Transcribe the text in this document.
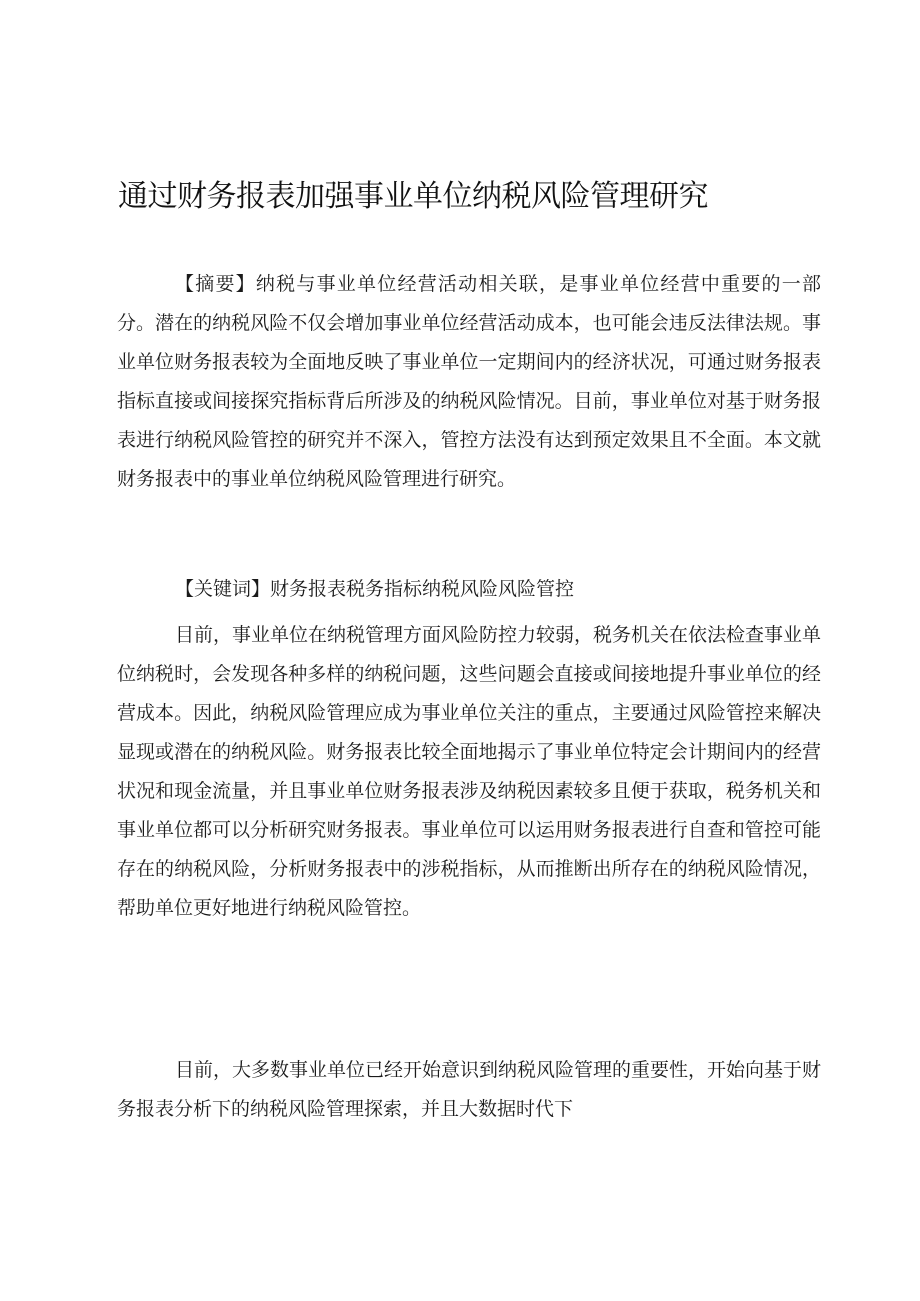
通过财务报表加强事业单位纳税风险管理研究

【摘要】纳税与事业单位经营活动相关联，是事业单位经营中重要的一部分。潜在的纳税风险不仅会增加事业单位经营活动成本，也可能会违反法律法规。事业单位财务报表较为全面地反映了事业单位一定期间内的经济状况，可通过财务报表指标直接或间接探究指标背后所涉及的纳税风险情况。目前，事业单位对基于财务报表进行纳税风险管控的研究并不深入，管控方法没有达到预定效果且不全面。本文就财务报表中的事业单位纳税风险管理进行研究。

【关键词】财务报表税务指标纳税风险风险管控

目前，事业单位在纳税管理方面风险防控力较弱，税务机关在依法检查事业单位纳税时，会发现各种多样的纳税问题，这些问题会直接或间接地提升事业单位的经营成本。因此，纳税风险管理应成为事业单位关注的重点，主要通过风险管控来解决显现或潜在的纳税风险。财务报表比较全面地揭示了事业单位特定会计期间内的经营状况和现金流量，并且事业单位财务报表涉及纳税因素较多且便于获取，税务机关和事业单位都可以分析研究财务报表。事业单位可以运用财务报表进行自查和管控可能存在的纳税风险，分析财务报表中的涉税指标，从而推断出所存在的纳税风险情况，帮助单位更好地进行纳税风险管控。

目前，大多数事业单位已经开始意识到纳税风险管理的重要性，开始向基于财务报表分析下的纳税风险管理探索，并且大数据时代下
